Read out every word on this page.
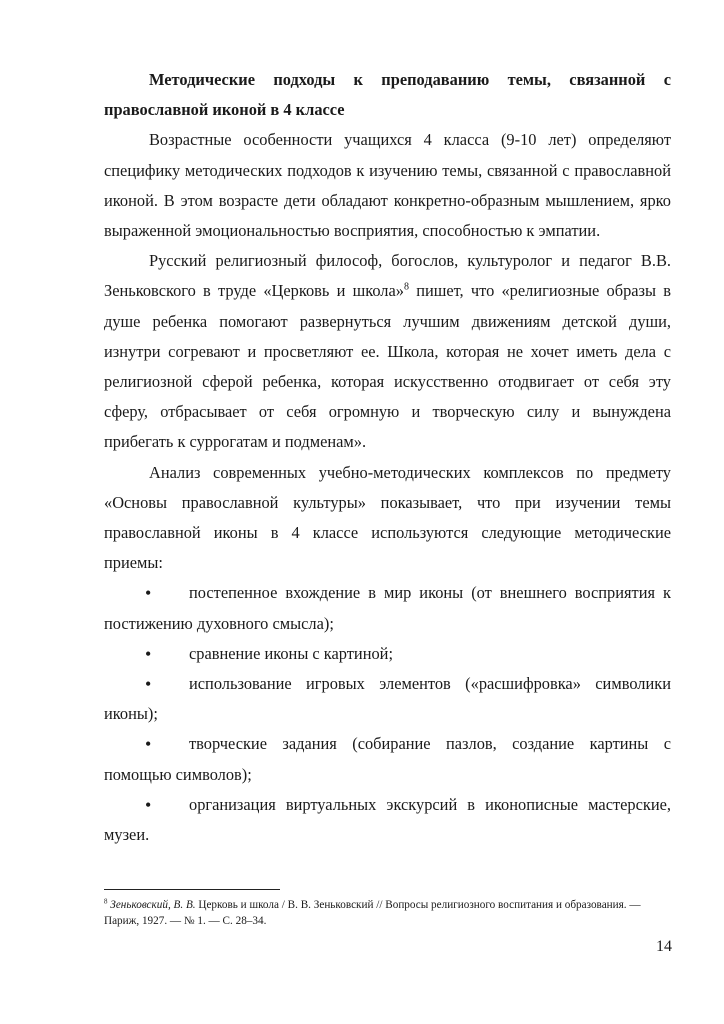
Методические подходы к преподаванию темы, связанной с православной иконой в 4 классе

Возрастные особенности учащихся 4 класса (9-10 лет) определяют специфику методических подходов к изучению темы, связанной с православной иконой. В этом возрасте дети обладают конкретно-образным мышлением, ярко выраженной эмоциональностью восприятия, способностью к эмпатии.

Русский религиозный философ, богослов, культуролог и педагог В.В. Зеньковского в труде «Церковь и школа»$^8$ пишет, что «религиозные образы в душе ребенка помогают развернуться лучшим движениям детской души, изнутри согревают и просветляют ее. Школа, которая не хочет иметь дела с религиозной сферой ребенка, которая искусственно отодвигает от себя эту сферу, отбрасывает от себя огромную и творческую силу и вынуждена прибегать к суррогатам и подменам».

Анализ современных учебно-методических комплексов по предмету «Основы православной культуры» показывает, что при изучении темы православной иконы в 4 классе используются следующие методические приемы:

• постепенное вхождение в мир иконы (от внешнего восприятия к постижению духовного смысла);
• сравнение иконы с картиной;
• использование игровых элементов («расшифровка» символики иконы);
• творческие задания (собирание пазлов, создание картины с помощью символов);
• организация виртуальных экскурсий в иконописные мастерские, музеи.
$^8$ Зеньковский, В. В. Церковь и школа / В. В. Зеньковский // Вопросы религиозного воспитания и образования. — Париж, 1927. — № 1. — С. 28–34.
14
